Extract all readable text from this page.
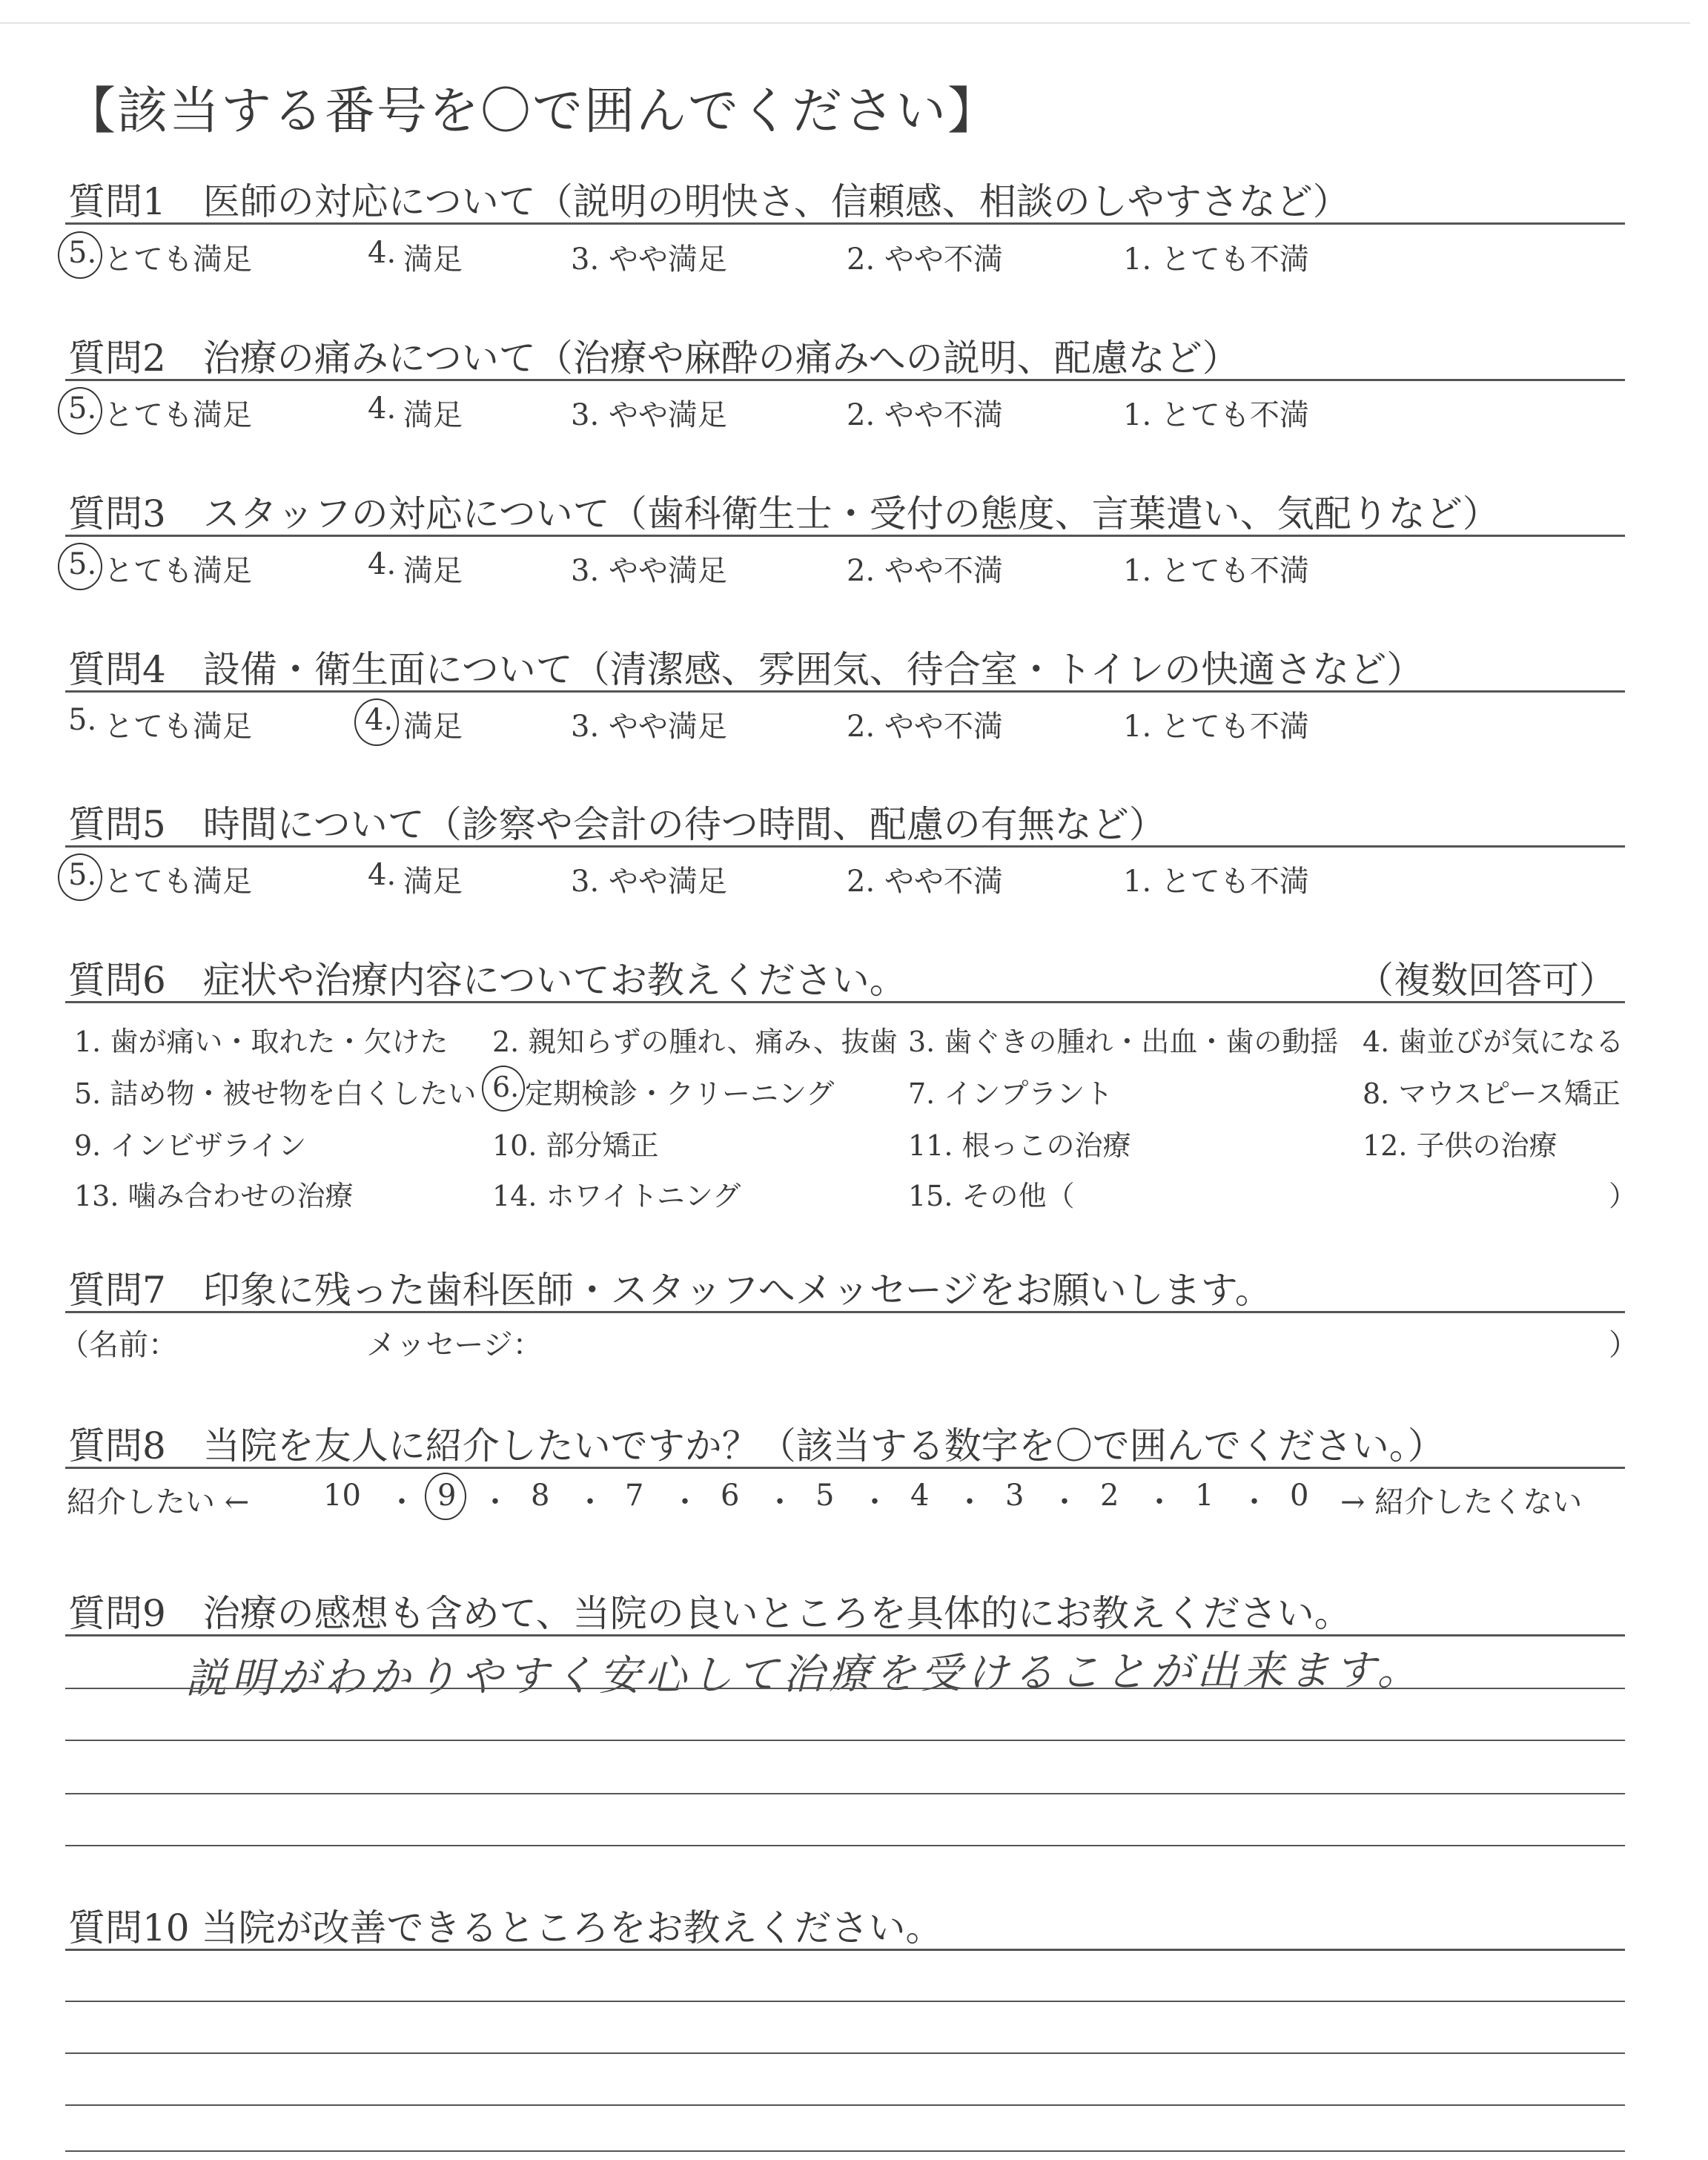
【該当する番号を〇で囲んでください】
質問1　医師の対応について（説明の明快さ、信頼感、相談のしやすさなど）
5. とても満足	4. 満足	3. やや満足	2. やや不満	1. とても不満
質問2　治療の痛みについて（治療や麻酔の痛みへの説明、配慮など）
5. とても満足	4. 満足	3. やや満足	2. やや不満	1. とても不満
質問3　スタッフの対応について（歯科衛生士・受付の態度、言葉遣い、気配りなど）
5. とても満足	4. 満足	3. やや満足	2. やや不満	1. とても不満
質問4　設備・衛生面について（清潔感、雰囲気、待合室・トイレの快適さなど）
5. とても満足	4. 満足	3. やや満足	2. やや不満	1. とても不満
質問5　時間について（診察や会計の待つ時間、配慮の有無など）
5. とても満足	4. 満足	3. やや満足	2. やや不満	1. とても不満
質問6　症状や治療内容についてお教えください。	（複数回答可）
1. 歯が痛い・取れた・欠けた 2. 親知らずの腫れ、痛み、抜歯 3. 歯ぐきの腫れ・出血・歯の動揺 4. 歯並びが気になる
5. 詰め物・被せ物を白くしたい 6. 定期検診・クリーニング	7. インプラント	8. マウスピース矯正
9. インビザライン	10. 部分矯正	11. 根っこの治療	12. 子供の治療
13. 噛み合わせの治療	14. ホワイトニング	15. その他（	）
質問7　印象に残った歯科医師・スタッフへメッセージをお願いします。
（名前：	メッセージ：	）
質問8　当院を友人に紹介したいですか？（該当する数字を〇で囲んでください。）
紹介したい ←	→ 紹介したくない
10 ・ 9 ・ 8 ・ 7 ・ 6 ・ 5 ・ 4 ・ 3 ・ 2 ・ 1 ・ 0
質問9　治療の感想も含めて、当院の良いところを具体的にお教えください。
説明がわかりやすく安心して治療を受けることが出来ます。
質問10 当院が改善できるところをお教えください。
